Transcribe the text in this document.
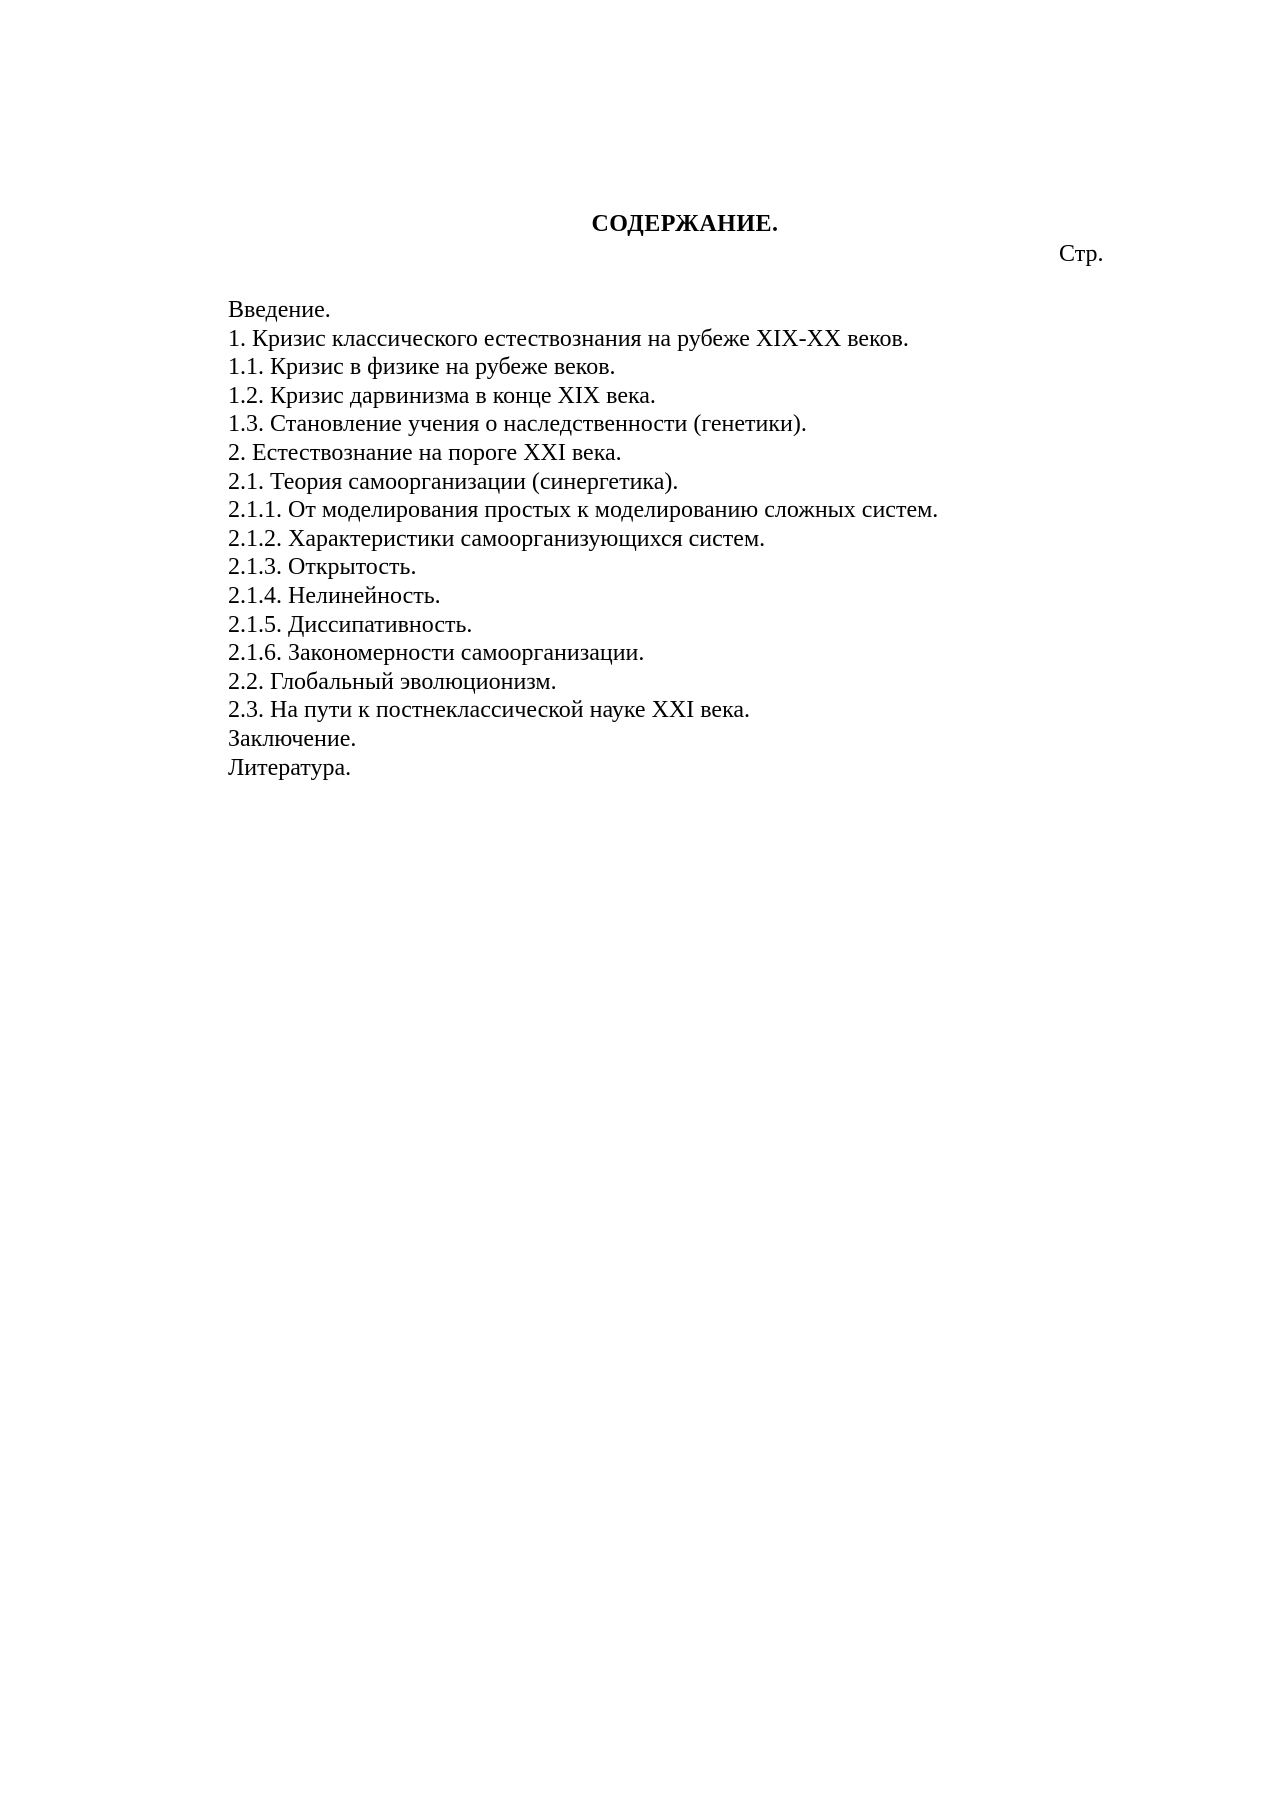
СОДЕРЖАНИЕ.
Стр.
Введение.
1. Кризис классического естествознания на рубеже XIX-XX веков.
1.1. Кризис в физике на рубеже веков.
1.2. Кризис дарвинизма в конце XIX века.
1.3. Становление учения о наследственности (генетики).
2. Естествознание на пороге XXI века.
2.1. Теория самоорганизации (синергетика).
2.1.1. От моделирования простых к моделированию сложных систем.
2.1.2. Характеристики самоорганизующихся систем.
2.1.3. Открытость.
2.1.4. Нелинейность.
2.1.5. Диссипативность.
2.1.6. Закономерности самоорганизации.
2.2. Глобальный эволюционизм.
2.3. На пути к постнеклассической науке XXI века.
Заключение.
Литература.
